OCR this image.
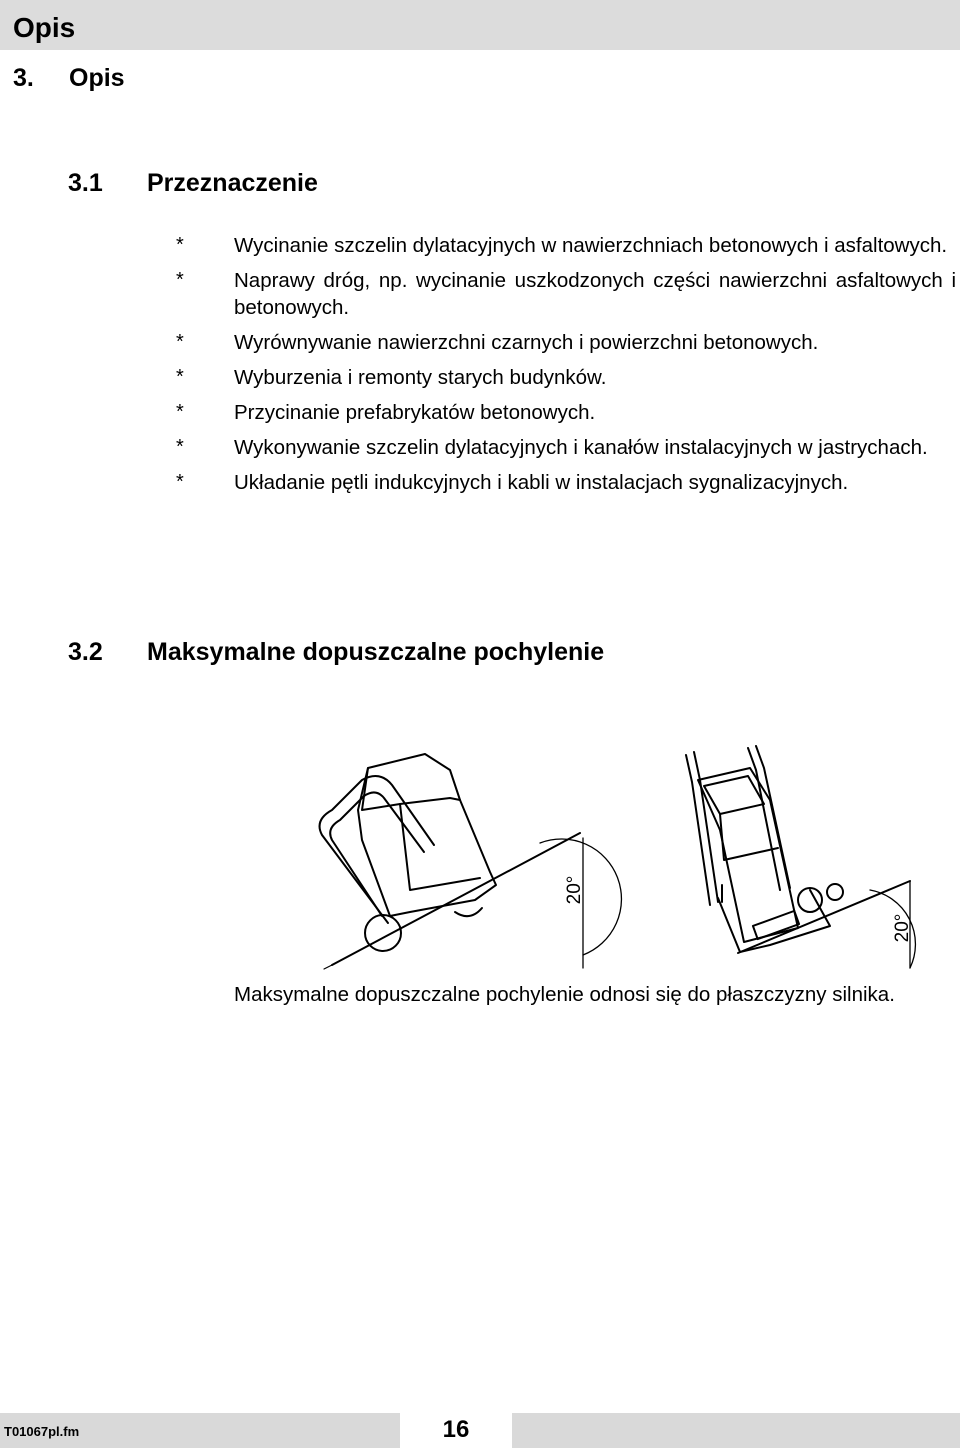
Opis
3. Opis
3.1 Przeznaczenie
* Wycinanie szczelin dylatacyjnych w nawierzchniach betonowych i asfaltowych.
* Naprawy dróg, np. wycinanie uszkodzonych części nawierzchni asfaltowych i betonowych.
* Wyrównywanie nawierzchni czarnych i powierzchni betonowych.
* Wyburzenia i remonty starych budynków.
* Przycinanie prefabrykatów betonowych.
* Wykonywanie szczelin dylatacyjnych i kanałów instalacyjnych w jastrychach.
* Układanie pętli indukcyjnych i kabli w instalacjach sygnalizacyjnych.
3.2 Maksymalne dopuszczalne pochylenie
20°
20°
Maksymalne dopuszczalne pochylenie odnosi się do płaszczyzny silnika.
T01067pl.fm	16
